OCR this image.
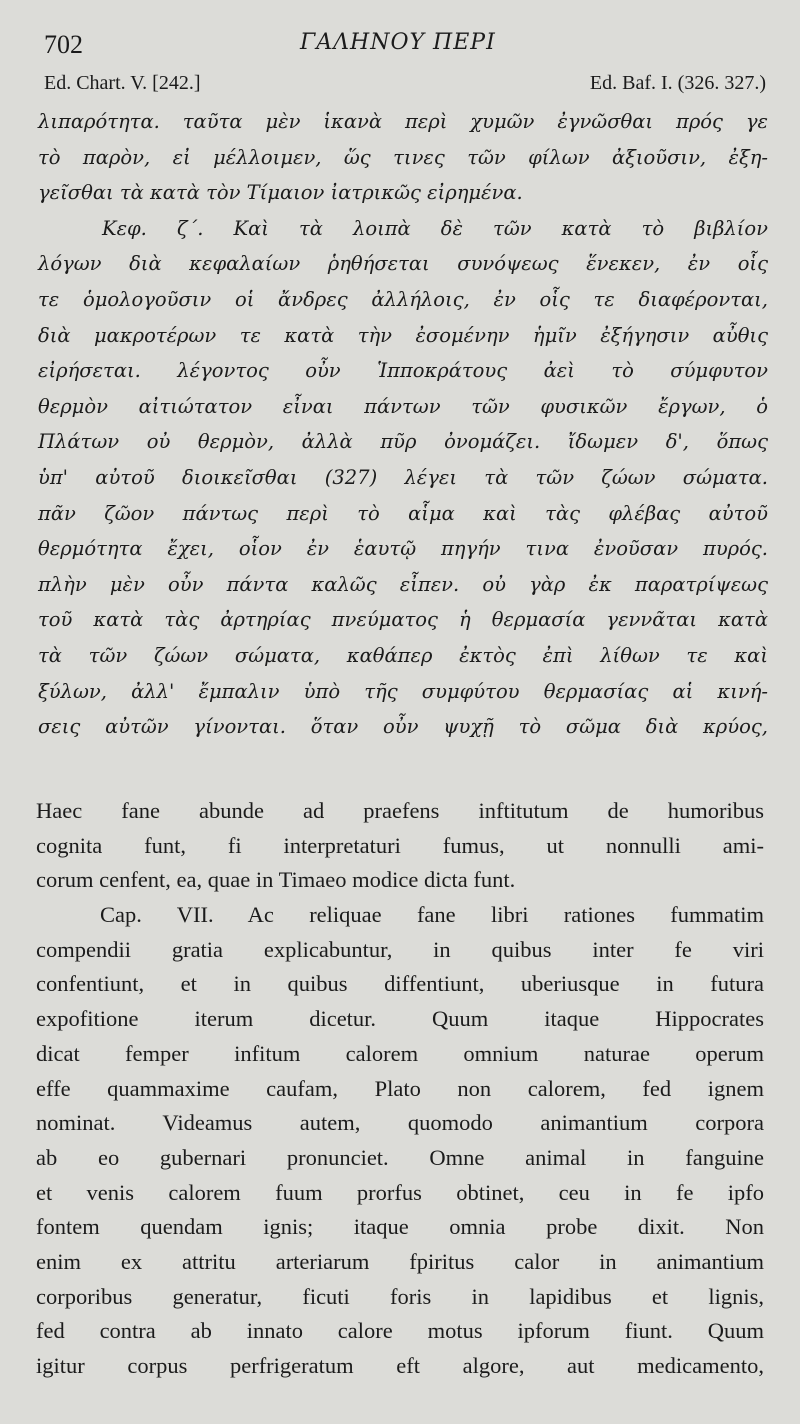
702	ΓΑΛΗΝΟΥ ΠΕΡΙ
Ed. Chart. V. [242.]	Ed. Baf. I. (326. 327.)
λιπαρότητα. ταῦτα μὲν ἱκανὰ περὶ χυμῶν ἐγνῶσθαι πρός γε
τὸ παρὸν, εἰ μέλλοιμεν, ὥς τινες τῶν φίλων ἀξιοῦσιν, ἐξη-
γεῖσθαι τὰ κατὰ τὸν Τίμαιον ἰατρικῶς εἰρημένα.
Κεφ. ζ΄. Καὶ τὰ λοιπὰ δὲ τῶν κατὰ τὸ βιβλίον
λόγων διὰ κεφαλαίων ῥηθήσεται συνόψεως ἕνεκεν, ἐν οἷς
τε ὁμολογοῦσιν οἱ ἄνδρες ἀλλήλοις, ἐν οἷς τε διαφέρονται,
διὰ μακροτέρων τε κατὰ τὴν ἐσομένην ἡμῖν ἐξήγησιν αὖθις
εἰρήσεται. λέγοντος οὖν Ἱπποκράτους ἀεὶ τὸ σύμφυτον
θερμὸν αἰτιώτατον εἶναι πάντων τῶν φυσικῶν ἔργων, ὁ
Πλάτων οὐ θερμὸν, ἀλλὰ πῦρ ὀνομάζει. ἴδωμεν δ', ὅπως
ὑπ' αὐτοῦ διοικεῖσθαι (327) λέγει τὰ τῶν ζώων σώματα.
πᾶν ζῶον πάντως περὶ τὸ αἷμα καὶ τὰς φλέβας αὐτοῦ
θερμότητα ἔχει, οἷον ἐν ἑαυτῷ πηγήν τινα ἐνοῦσαν πυρός.
πλὴν μὲν οὖν πάντα καλῶς εἶπεν. οὐ γὰρ ἐκ παρατρίψεως
τοῦ κατὰ τὰς ἀρτηρίας πνεύματος ἡ θερμασία γεννᾶται κατὰ
τὰ τῶν ζώων σώματα, καθάπερ ἐκτὸς ἐπὶ λίθων τε καὶ
ξύλων, ἀλλ' ἔμπαλιν ὑπὸ τῆς συμφύτου θερμασίας αἱ κινή-
σεις αὐτῶν γίνονται. ὅταν οὖν ψυχῇ τὸ σῶμα διὰ κρύος,
Haec fane abunde ad praefens inftitutum de humoribus
cognita funt, fi interpretaturi fumus, ut nonnulli ami-
corum cenfent, ea, quae in Timaeo modice dicta funt.
Cap. VII. Ac reliquae fane libri rationes fummatim
compendii gratia explicabuntur, in quibus inter fe viri
confentiunt, et in quibus diffentiunt, uberiusque in futura
expofitione iterum dicetur. Quum itaque Hippocrates
dicat femper infitum calorem omnium naturae operum
effe quammaxime caufam, Plato non calorem, fed ignem
nominat. Videamus autem, quomodo animantium corpora
ab eo gubernari pronunciet. Omne animal in fanguine
et venis calorem fuum prorfus obtinet, ceu in fe ipfo
fontem quendam ignis; itaque omnia probe dixit. Non
enim ex attritu arteriarum fpiritus calor in animantium
corporibus generatur, ficuti foris in lapidibus et lignis,
fed contra ab innato calore motus ipforum fiunt. Quum
igitur corpus perfrigeratum eft algore, aut medicamento,
